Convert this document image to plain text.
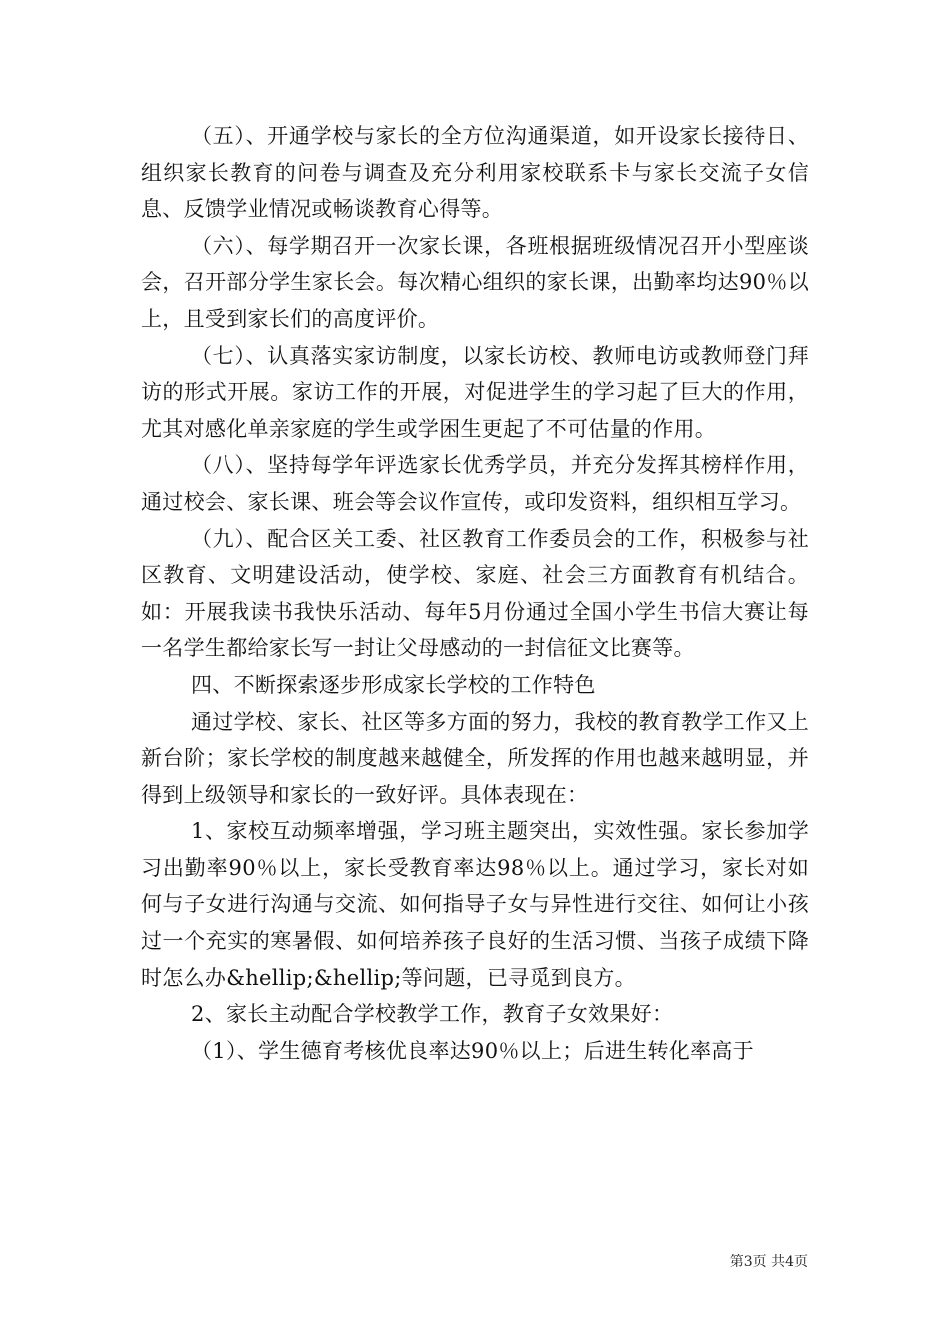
（五）、开通学校与家长的全方位沟通渠道，如开设家长接待日、组织家长教育的问卷与调查及充分利用家校联系卡与家长交流子女信息、反馈学业情况或畅谈教育心得等。

（六）、每学期召开一次家长课，各班根据班级情况召开小型座谈会，召开部分学生家长会。每次精心组织的家长课，出勤率均达90％以上，且受到家长们的高度评价。

（七）、认真落实家访制度，以家长访校、教师电访或教师登门拜访的形式开展。家访工作的开展，对促进学生的学习起了巨大的作用，尤其对感化单亲家庭的学生或学困生更起了不可估量的作用。

（八）、坚持每学年评选家长优秀学员，并充分发挥其榜样作用，通过校会、家长课、班会等会议作宣传，或印发资料，组织相互学习。

（九）、配合区关工委、社区教育工作委员会的工作，积极参与社区教育、文明建设活动，使学校、家庭、社会三方面教育有机结合。如：开展我读书我快乐活动、每年5月份通过全国小学生书信大赛让每一名学生都给家长写一封让父母感动的一封信征文比赛等。

四、不断探索逐步形成家长学校的工作特色

通过学校、家长、社区等多方面的努力，我校的教育教学工作又上新台阶；家长学校的制度越来越健全，所发挥的作用也越来越明显，并得到上级领导和家长的一致好评。具体表现在：

1、家校互动频率增强，学习班主题突出，实效性强。家长参加学习出勤率90％以上，家长受教育率达98％以上。通过学习，家长对如何与子女进行沟通与交流、如何指导子女与异性进行交往、如何让小孩过一个充实的寒暑假、如何培养孩子良好的生活习惯、当孩子成绩下降时怎么办&hellip;&hellip;等问题，已寻觅到良方。

2、家长主动配合学校教学工作，教育子女效果好：

（1）、学生德育考核优良率达90％以上；后进生转化率高于

第3页 共4页
